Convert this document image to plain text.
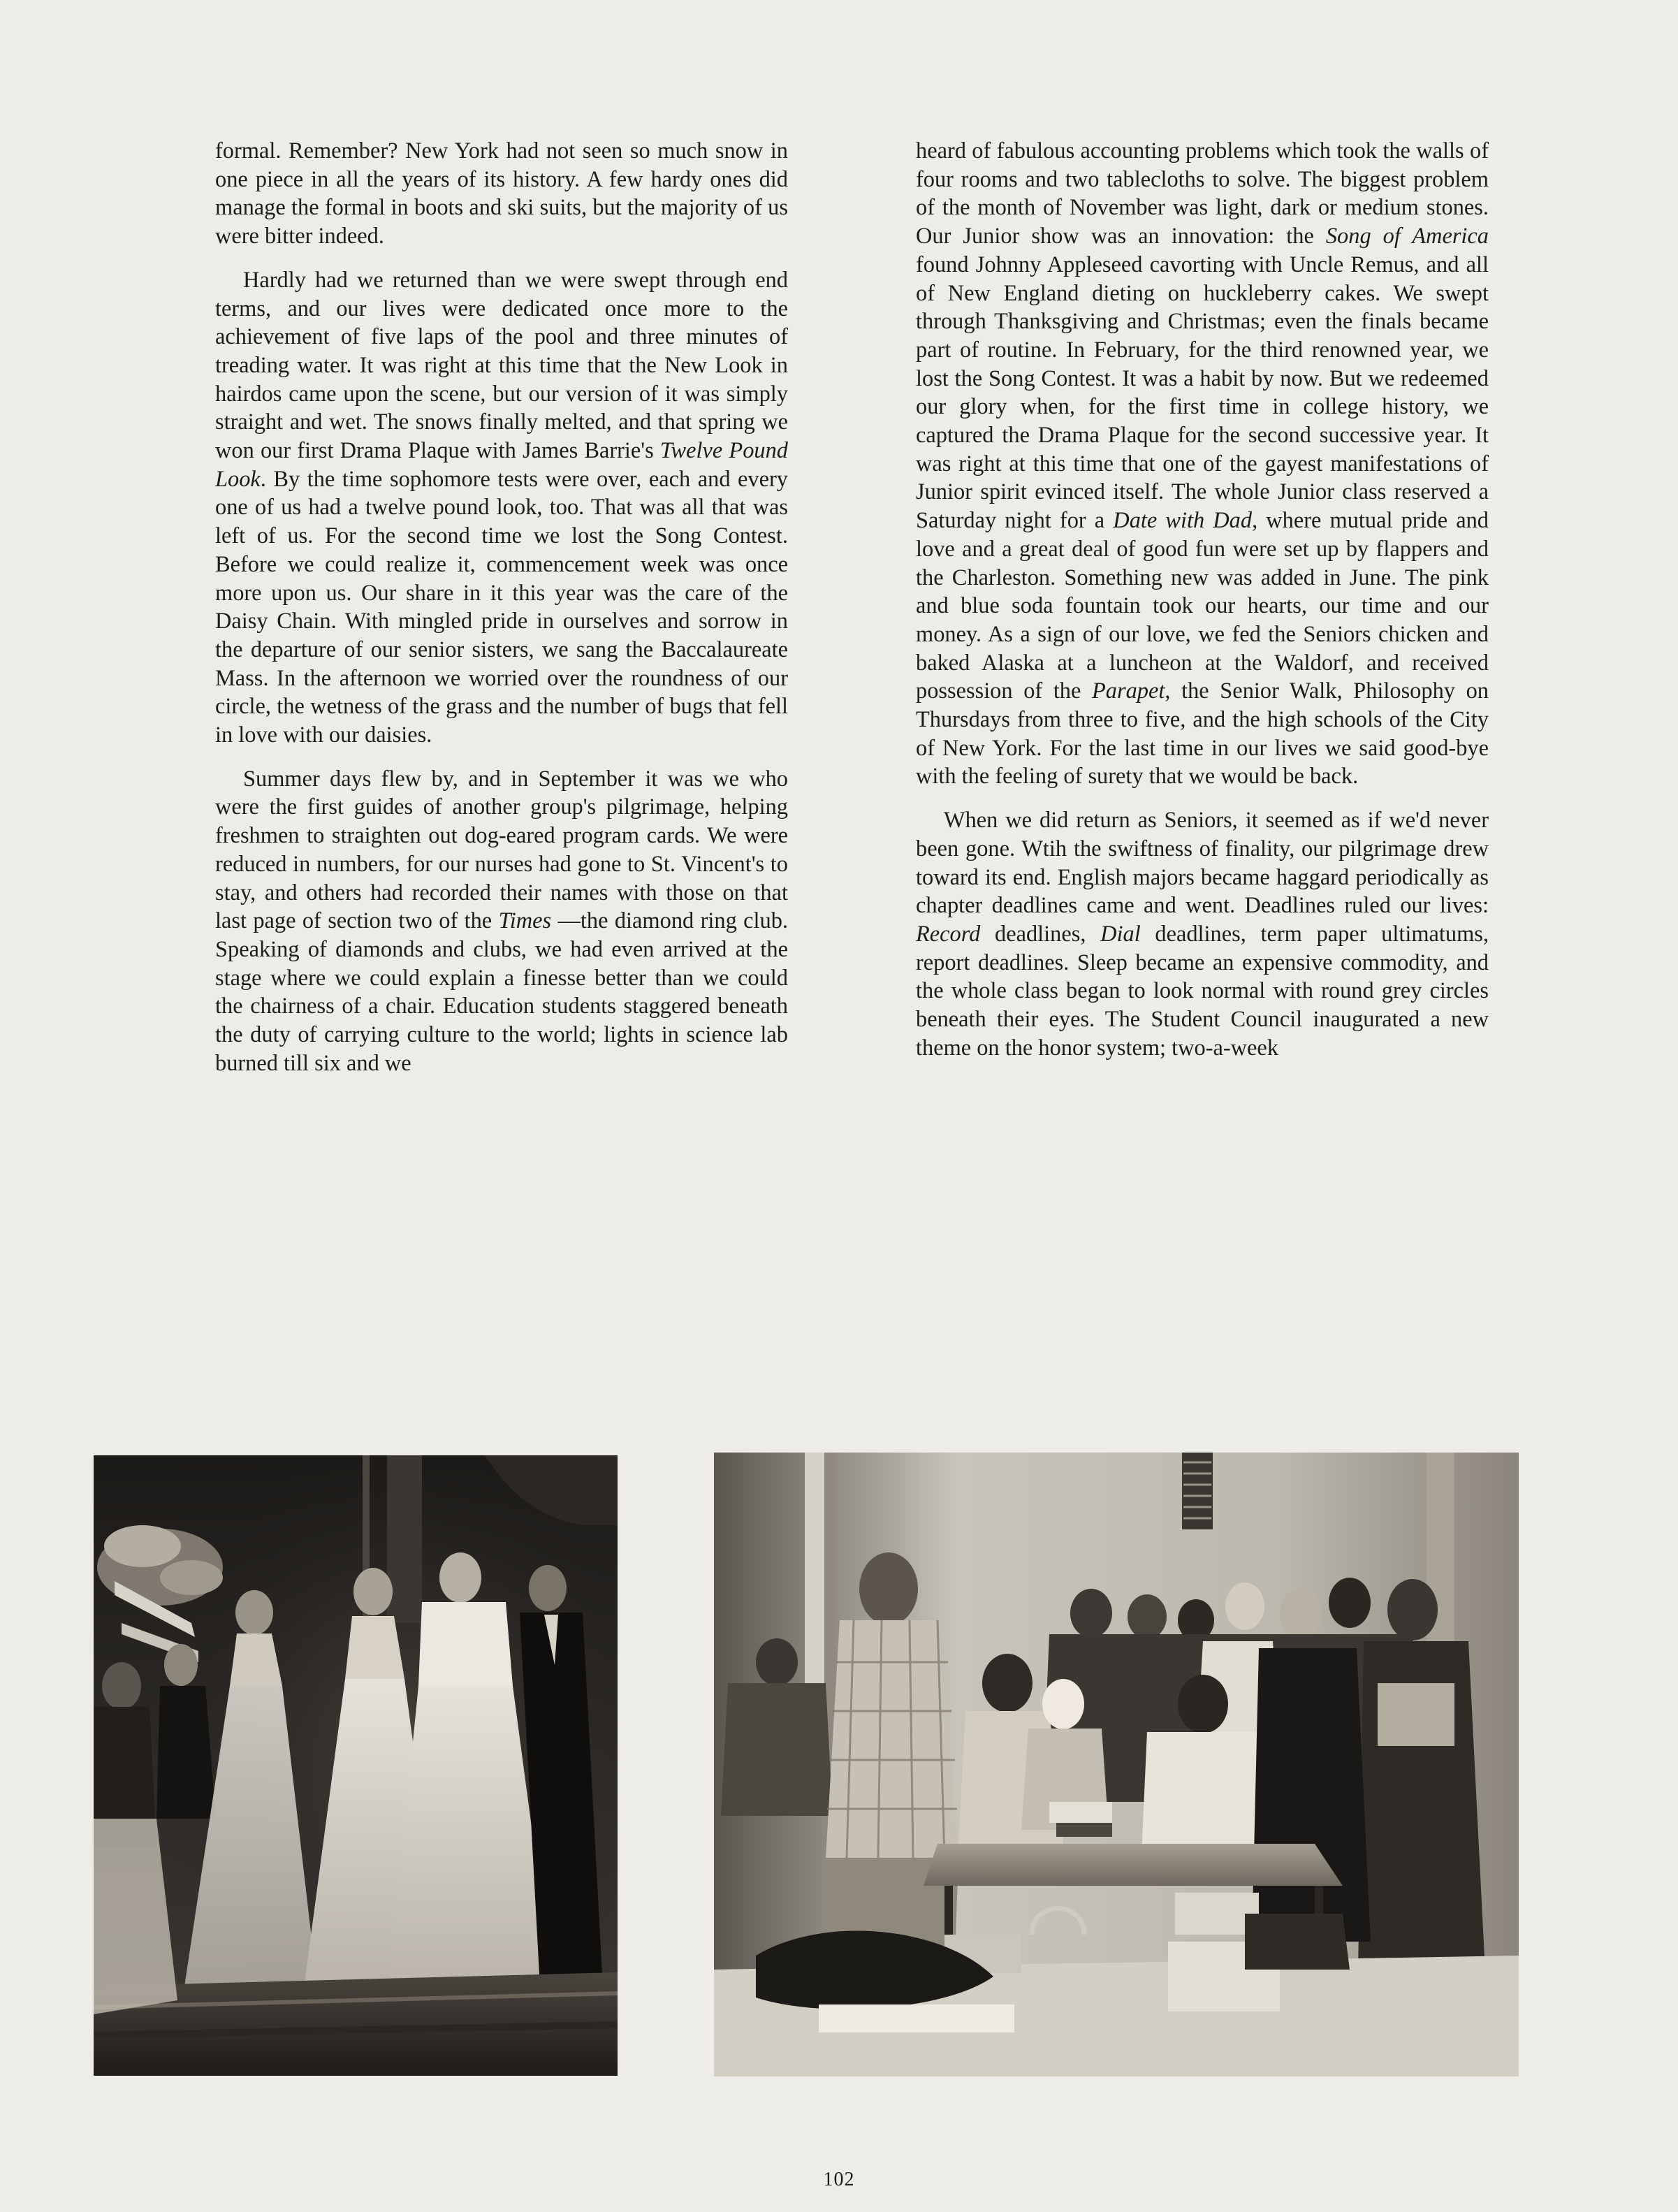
formal. Remember? New York had not seen so much snow in one piece in all the years of its history. A few hardy ones did manage the formal in boots and ski suits, but the majority of us were bitter indeed.

Hardly had we returned than we were swept through end terms, and our lives were dedicated once more to the achievement of five laps of the pool and three minutes of treading water. It was right at this time that the New Look in hairdos came upon the scene, but our version of it was simply straight and wet. The snows finally melted, and that spring we won our first Drama Plaque with James Barrie's Twelve Pound Look. By the time sophomore tests were over, each and every one of us had a twelve pound look, too. That was all that was left of us. For the second time we lost the Song Contest. Before we could realize it, commencement week was once more upon us. Our share in it this year was the care of the Daisy Chain. With mingled pride in ourselves and sorrow in the departure of our senior sisters, we sang the Baccalaureate Mass. In the afternoon we worried over the roundness of our circle, the wetness of the grass and the number of bugs that fell in love with our daisies.

Summer days flew by, and in September it was we who were the first guides of another group's pilgrimage, helping freshmen to straighten out dog-eared program cards. We were reduced in numbers, for our nurses had gone to St. Vincent's to stay, and others had recorded their names with those on that last page of section two of the Times —the diamond ring club. Speaking of diamonds and clubs, we had even arrived at the stage where we could explain a finesse better than we could the chairness of a chair. Education students staggered beneath the duty of carrying culture to the world; lights in science lab burned till six and we

heard of fabulous accounting problems which took the walls of four rooms and two tablecloths to solve. The biggest problem of the month of November was light, dark or medium stones. Our Junior show was an innovation: the Song of America found Johnny Appleseed cavorting with Uncle Remus, and all of New England dieting on huckleberry cakes. We swept through Thanksgiving and Christmas; even the finals became part of routine. In February, for the third renowned year, we lost the Song Contest. It was a habit by now. But we redeemed our glory when, for the first time in college history, we captured the Drama Plaque for the second successive year. It was right at this time that one of the gayest manifestations of Junior spirit evinced itself. The whole Junior class reserved a Saturday night for a Date with Dad, where mutual pride and love and a great deal of good fun were set up by flappers and the Charleston. Something new was added in June. The pink and blue soda fountain took our hearts, our time and our money. As a sign of our love, we fed the Seniors chicken and baked Alaska at a luncheon at the Waldorf, and received possession of the Parapet, the Senior Walk, Philosophy on Thursdays from three to five, and the high schools of the City of New York. For the last time in our lives we said good-bye with the feeling of surety that we would be back.

When we did return as Seniors, it seemed as if we'd never been gone. Wtih the swiftness of finality, our pilgrimage drew toward its end. English majors became haggard periodically as chapter deadlines came and went. Deadlines ruled our lives: Record deadlines, Dial deadlines, term paper ultimatums, report deadlines. Sleep became an expensive commodity, and the whole class began to look normal with round grey circles beneath their eyes. The Student Council inaugurated a new theme on the honor system; two-a-week

102
